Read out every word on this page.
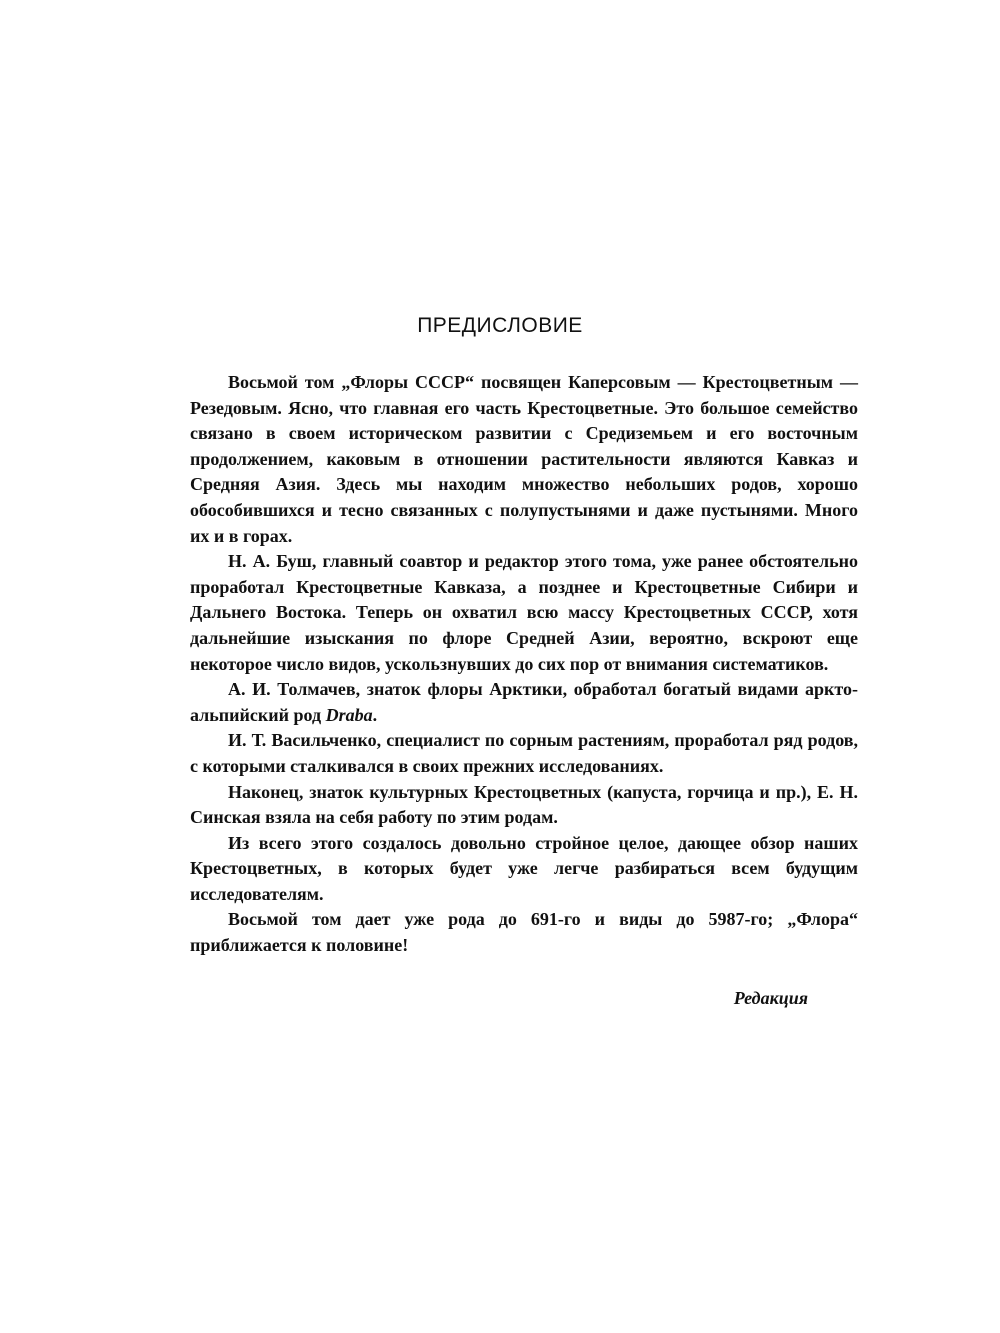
ПРЕДИСЛОВИЕ

Восьмой том „Флоры СССР“ посвящен Каперсовым — Крестоцветным — Резедовым. Ясно, что главная его часть Крестоцветные. Это большое семейство связано в своем историческом развитии с Средиземьем и его восточным продолжением, каковым в отношении растительности являются Кавказ и Средняя Азия. Здесь мы находим множество небольших родов, хорошо обособившихся и тесно связанных с полупустынями и даже пустынями. Много их и в горах.

Н. А. Буш, главный соавтор и редактор этого тома, уже ранее обстоятельно проработал Крестоцветные Кавказа, а позднее и Крестоцветные Сибири и Дальнего Востока. Теперь он охватил всю массу Крестоцветных СССР, хотя дальнейшие изыскания по флоре Средней Азии, вероятно, вскроют еще некоторое число видов, ускользнувших до сих пор от внимания систематиков.

А. И. Толмачев, знаток флоры Арктики, обработал богатый видами аркто-альпийский род Draba.

И. Т. Васильченко, специалист по сорным растениям, проработал ряд родов, с которыми сталкивался в своих прежних исследованиях.

Наконец, знаток культурных Крестоцветных (капуста, горчица и пр.), Е. Н. Синская взяла на себя работу по этим родам.

Из всего этого создалось довольно стройное целое, дающее обзор наших Крестоцветных, в которых будет уже легче разбираться всем будущим исследователям.

Восьмой том дает уже рода до 691-го и виды до 5987-го; „Флора“ приближается к половине!

Редакция
